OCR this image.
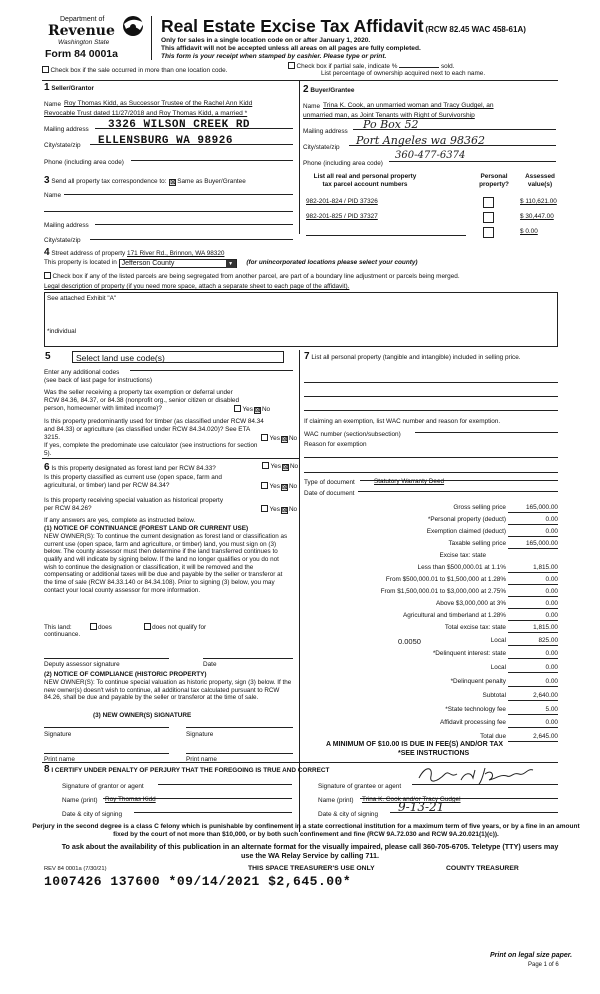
Department of
Revenue
Washington State
Form 84 0001a
Real Estate Excise Tax Affidavit (RCW 82.45 WAC 458-61A)
Only for sales in a single location code on or after January 1, 2020.
This affidavit will not be accepted unless all areas on all pages are fully completed.
This form is your receipt when stamped by cashier. Please type or print.
Check box if the sale occurred in more than one location code.
Check box if partial sale, indicate %	sold.
List percentage of ownership acquired next to each name.
1 Seller/Grantor
Name Roy Thomas Kidd, as Successor Trustee of the Rachel Ann Kidd
Revocable Trust dated 11/27/2018 and Roy Thomas Kidd, a married *
Mailing address 3326 WILSON CREEK RD
City/state/zip ELLENSBURG WA 98926
Phone (including area code)
2 Buyer/Grantee
Name Trina K. Cook, an unmarried woman and Tracy Gudgel, an
unmarried man, as Joint Tenants with Right of Survivorship
Mailing address
Po Box 52
City/state/zip
Port Angeles wa 98362
Phone (including area code)
360-477-6374
3 Send all property tax correspondence to: ☒ Same as Buyer/Grantee
Name
Mailing address
City/state/zip
List all real and personal property tax parcel account numbers
Personal property?
Assessed value(s)
982-201-824 / PID 37326	$ 110,621.00
982-201-825 / PID 37327	$ 30,447.00
$ 0.00
4 Street address of property 171 River Rd., Brinnon, WA 98320
This property is located in Jefferson County	▼	(for unincorporated locations please select your county)
Check box if any of the listed parcels are being segregated from another parcel, are part of a boundary line adjustment or parcels being merged.
Legal description of property (if you need more space, attach a separate sheet to each page of the affidavit).
See attached Exhibit "A"
*individual
5	Select land use code(s)
Enter any additional codes
(see back of last page for instructions)
Was the seller receiving a property tax exemption or deferral under RCW 84.36, 84.37, or 84.38 (nonprofit org., senior citizen or disabled person, homeowner with limited income)?	Yes ☒ No
Is this property predominantly used for timber (as classified under RCW 84.34 and 84.33) or agriculture (as classified under RCW 84.34.020)? See ETA 3215.	Yes ☒ No
If yes, complete the predominate use calculator (see instructions for section 5).
6 Is this property designated as forest land per RCW 84.33?	Yes ☒ No
Is this property classified as current use (open space, farm and agricultural, or timber) land per RCW 84.34?	Yes ☒ No
Is this property receiving special valuation as historical property per RCW 84.26?	Yes ☒ No
If any answers are yes, complete as instructed below.
(1) NOTICE OF CONTINUANCE (FOREST LAND OR CURRENT USE)
NEW OWNER(S): To continue the current designation as forest land or classification as current use (open space, farm and agriculture, or timber) land, you must sign on (3) below. The county assessor must then determine if the land transferred continues to qualify and will indicate by signing below. If the land no longer qualifies or you do not wish to continue the designation or classification, it will be removed and the compensating or additional taxes will be due and payable by the seller or transferor at the time of sale (RCW 84.33.140 or 84.34.108). Prior to signing (3) below, you may contact your local county assessor for more information.
This land:	does	does not qualify for
continuance.
Deputy assessor signature	Date
(2) NOTICE OF COMPLIANCE (HISTORIC PROPERTY)
NEW OWNER(S): To continue special valuation as historic property, sign (3) below. If the new owner(s) doesn't wish to continue, all additional tax calculated pursuant to RCW 84.26, shall be due and payable by the seller or transferor at the time of sale.
(3) NEW OWNER(S) SIGNATURE
Signature	Signature
Print name	Print name
7 List all personal property (tangible and intangible) included in selling price.
If claiming an exemption, list WAC number and reason for exemption.
WAC number (section/subsection)
Reason for exemption
Type of document	Statutory Warranty Deed
Date of document
Gross selling price	165,000.00
*Personal property (deduct)	0.00
Exemption claimed (deduct)	0.00
Taxable selling price	165,000.00
Excise tax: state
Less than $500,000.01 at 1.1%	1,815.00
From $500,000.01 to $1,500,000 at 1.28%	0.00
From $1,500,000.01 to $3,000,000 at 2.75%	0.00
Above $3,000,000 at 3%	0.00
Agricultural and timberland at 1.28%	0.00
Total excise tax: state	1,815.00
0.0050	Local	825.00
*Delinquent interest: state	0.00
Local	0.00
*Delinquent penalty	0.00
Subtotal	2,640.00
*State technology fee	5.00
Affidavit processing fee	0.00
Total due	2,645.00
A MINIMUM OF $10.00 IS DUE IN FEE(S) AND/OR TAX
*SEE INSTRUCTIONS
8 I CERTIFY UNDER PENALTY OF PERJURY THAT THE FOREGOING IS TRUE AND CORRECT
Signature of grantor or agent	Signature of grantee or agent
Name (print) Roy Thomas Kidd	Name (print) Trina K. Cook and/or Tracy Gudgel
Date & city of signing	Date & city of signing
9-13-21
Perjury in the second degree is a class C felony which is punishable by confinement in a state correctional institution for a maximum term of five years, or by a fine in an amount fixed by the court of not more than $10,000, or by both such confinement and fine (RCW 9A.72.030 and RCW 9A.20.021(1)(c)).
To ask about the availability of this publication in an alternate format for the visually impaired, please call 360-705-6705. Teletype (TTY) users may use the WA Relay Service by calling 711.
REV 84 0001a (7/30/21)	THIS SPACE TREASURER'S USE ONLY	COUNTY TREASURER
1007426 137600 *09/14/2021 $2,645.00*
Print on legal size paper.
Page 1 of 6
